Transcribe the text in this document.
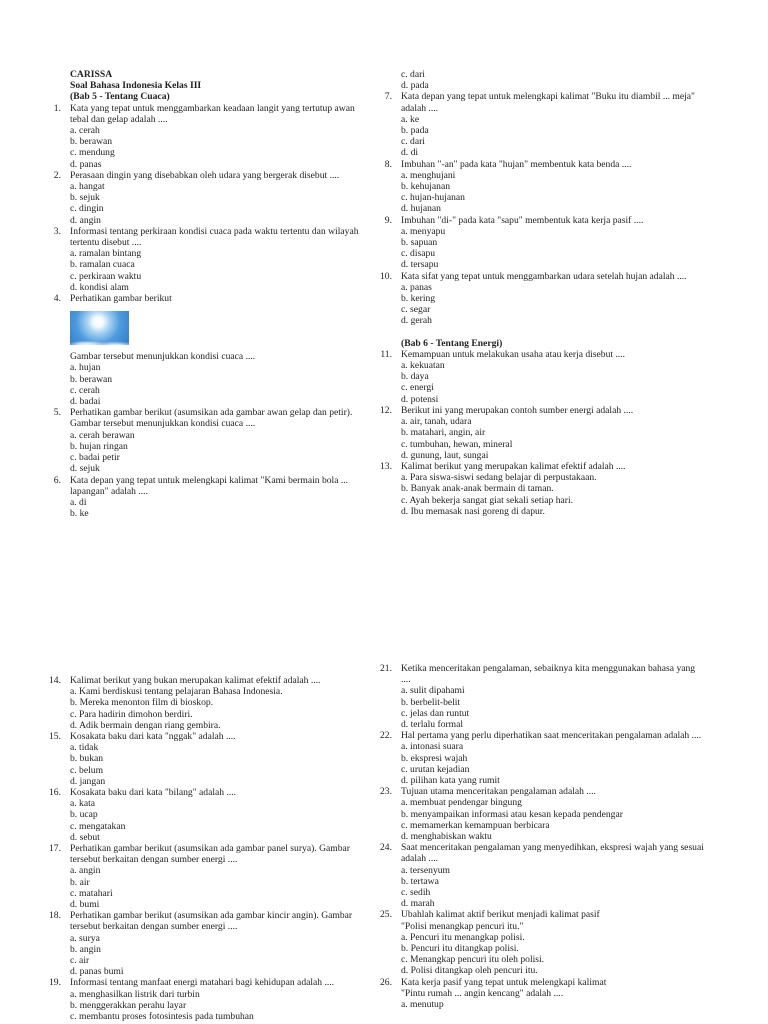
CARISSA
Soal Bahasa Indonesia Kelas III
(Bab 5 - Tentang Cuaca)
1. Kata yang tepat untuk menggambarkan keadaan langit yang tertutup awan tebal dan gelap adalah ....
a. cerah
b. berawan
c. mendung
d. panas
2. Perasaan dingin yang disebabkan oleh udara yang bergerak disebut ....
a. hangat
b. sejuk
c. dingin
d. angin
3. Informasi tentang perkiraan kondisi cuaca pada waktu tertentu dan wilayah tertentu disebut ....
a. ramalan bintang
b. ramalan cuaca
c. perkiraan waktu
d. kondisi alam
4. Perhatikan gambar berikut
Gambar tersebut menunjukkan kondisi cuaca ....
a. hujan
b. berawan
c. cerah
d. badai
5. Perhatikan gambar berikut (asumsikan ada gambar awan gelap dan petir). Gambar tersebut menunjukkan kondisi cuaca ....
a. cerah berawan
b. hujan ringan
c. badai petir
d. sejuk
6. Kata depan yang tepat untuk melengkapi kalimat "Kami bermain bola ... lapangan" adalah ....
a. di
b. ke
c. dari
d. pada
7. Kata depan yang tepat untuk melengkapi kalimat "Buku itu diambil ... meja" adalah ....
a. ke
b. pada
c. dari
d. di
8. Imbuhan "-an" pada kata "hujan" membentuk kata benda ....
a. menghujani
b. kehujanan
c. hujan-hujanan
d. hujanan
9. Imbuhan "di-" pada kata "sapu" membentuk kata kerja pasif ....
a. menyapu
b. sapuan
c. disapu
d. tersapu
10. Kata sifat yang tepat untuk menggambarkan udara setelah hujan adalah ....
a. panas
b. kering
c. segar
d. gerah
(Bab 6 - Tentang Energi)
11. Kemampuan untuk melakukan usaha atau kerja disebut ....
a. kekuatan
b. daya
c. energi
d. potensi
12. Berikut ini yang merupakan contoh sumber energi adalah ....
a. air, tanah, udara
b. matahari, angin, air
c. tumbuhan, hewan, mineral
d. gunung, laut, sungai
13. Kalimat berikut yang merupakan kalimat efektif adalah ....
a. Para siswa-siswi sedang belajar di perpustakaan.
b. Banyak anak-anak bermain di taman.
c. Ayah bekerja sangat giat sekali setiap hari.
d. Ibu memasak nasi goreng di dapur.
14. Kalimat berikut yang bukan merupakan kalimat efektif adalah ....
a. Kami berdiskusi tentang pelajaran Bahasa Indonesia.
b. Mereka menonton film di bioskop.
c. Para hadirin dimohon berdiri.
d. Adik bermain dengan riang gembira.
15. Kosakata baku dari kata "nggak" adalah ....
a. tidak
b. bukan
c. belum
d. jangan
16. Kosakata baku dari kata "bilang" adalah ....
a. kata
b. ucap
c. mengatakan
d. sebut
17. Perhatikan gambar berikut (asumsikan ada gambar panel surya). Gambar tersebut berkaitan dengan sumber energi ....
a. angin
b. air
c. matahari
d. bumi
18. Perhatikan gambar berikut (asumsikan ada gambar kincir angin). Gambar tersebut berkaitan dengan sumber energi ....
a. surya
b. angin
c. air
d. panas bumi
19. Informasi tentang manfaat energi matahari bagi kehidupan adalah ....
a. menghasilkan listrik dari turbin
b. menggerakkan perahu layar
c. membantu proses fotosintesis pada tumbuhan
21. Ketika menceritakan pengalaman, sebaiknya kita menggunakan bahasa yang ....
a. sulit dipahami
b. berbelit-belit
c. jelas dan runtut
d. terlalu formal
22. Hal pertama yang perlu diperhatikan saat menceritakan pengalaman adalah ....
a. intonasi suara
b. ekspresi wajah
c. urutan kejadian
d. pilihan kata yang rumit
23. Tujuan utama menceritakan pengalaman adalah ....
a. membuat pendengar bingung
b. menyampaikan informasi atau kesan kepada pendengar
c. memamerkan kemampuan berbicara
d. menghabiskan waktu
24. Saat menceritakan pengalaman yang menyedihkan, ekspresi wajah yang sesuai adalah ....
a. tersenyum
b. tertawa
c. sedih
d. marah
25. Ubahlah kalimat aktif berikut menjadi kalimat pasif
"Polisi menangkap pencuri itu."
a. Pencuri itu menangkap polisi.
b. Pencuri itu ditangkap polisi.
c. Menangkap pencuri itu oleh polisi.
d. Polisi ditangkap oleh pencuri itu.
26. Kata kerja pasif yang tepat untuk melengkapi kalimat
"Pintu rumah ... angin kencang" adalah ....
a. menutup
